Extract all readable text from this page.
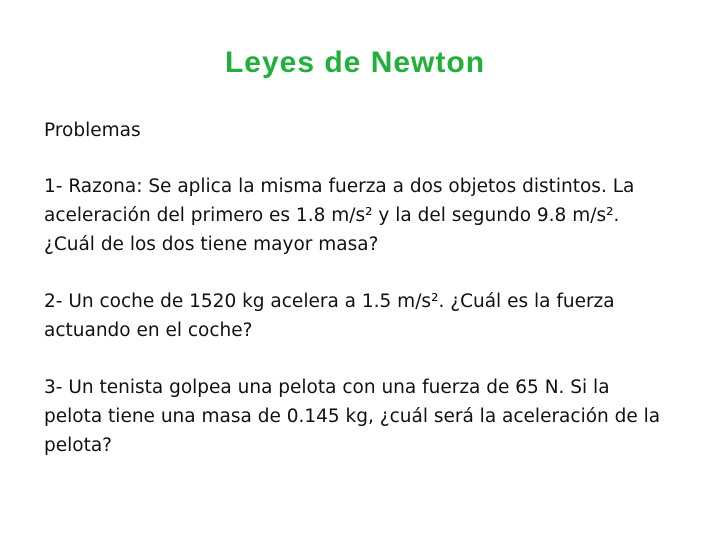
Leyes de Newton

Problemas

1- Razona: Se aplica la misma fuerza a dos objetos distintos. La
aceleración del primero es 1.8 m/s² y la del segundo 9.8 m/s².
¿Cuál de los dos tiene mayor masa?

2- Un coche de 1520 kg acelera a 1.5 m/s². ¿Cuál es la fuerza
actuando en el coche?

3- Un tenista golpea una pelota con una fuerza de 65 N. Si la
pelota tiene una masa de 0.145 kg, ¿cuál será la aceleración de la
pelota?
